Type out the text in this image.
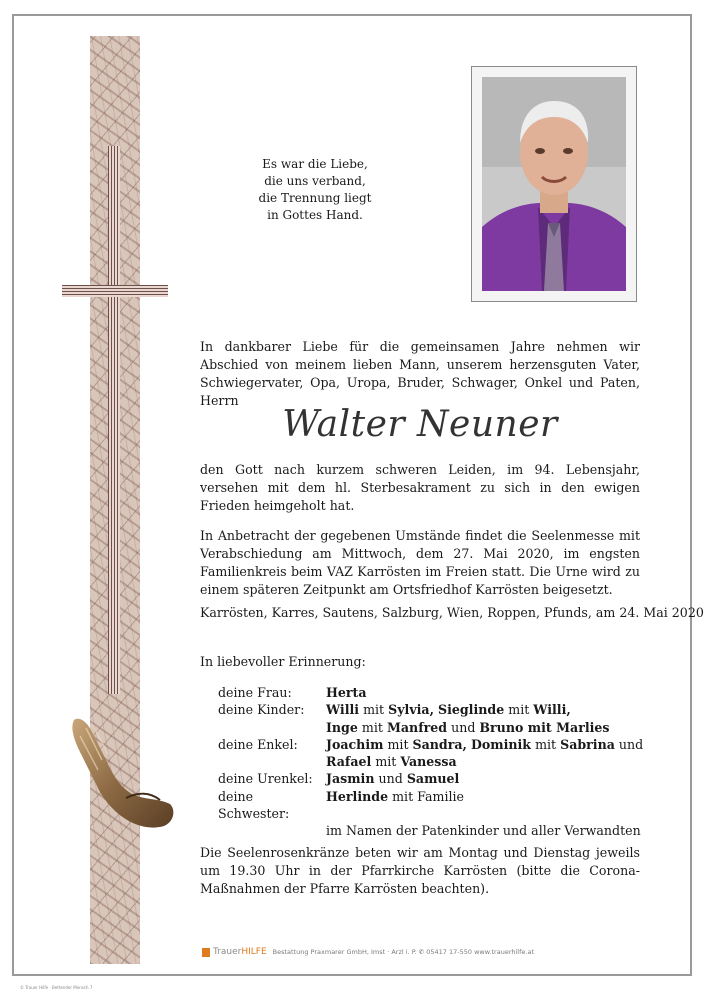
Es war die Liebe,
die uns verband,
die Trennung liegt
in Gottes Hand.
In dankbarer Liebe für die gemeinsamen Jahre nehmen wir Abschied von meinem lieben Mann, unserem herzensguten Vater, Schwiegervater, Opa, Uropa, Bruder, Schwager, Onkel und Paten, Herrn
Walter Neuner
den Gott nach kurzem schweren Leiden, im 94. Lebensjahr, versehen mit dem hl. Sterbesakrament zu sich in den ewigen Frieden heimgeholt hat.
In Anbetracht der gegebenen Umstände findet die Seelenmesse mit Verabschiedung am Mittwoch, dem 27. Mai 2020, im engsten Familienkreis beim VAZ Karrösten im Freien statt. Die Urne wird zu einem späteren Zeitpunkt am Ortsfriedhof Karrösten beigesetzt.
Karrösten, Karres, Sautens, Salzburg, Wien, Roppen, Pfunds, am 24. Mai 2020
In liebevoller Erinnerung:
deine Frau:	Herta
deine Kinder:	Willi mit Sylvia, Sieglinde mit Willi,
Inge mit Manfred und Bruno mit Marlies
deine Enkel:	Joachim mit Sandra, Dominik mit Sabrina und
Rafael mit Vanessa
deine Urenkel:	Jasmin und Samuel
deine Schwester:
Herlinde mit Familie
im Namen der Patenkinder und aller Verwandten
Die Seelenrosenkränze beten wir am Montag und Dienstag jeweils um 19.30 Uhr in der Pfarrkirche Karrösten (bitte die Corona-Maßnahmen der Pfarre Karrösten beachten).
TrauerHILFE Bestattung Praxmarer GmbH, Imst · Arzl i. P. ✆ 05417 17-550 www.trauerhilfe.at
© Trauer Hilfe · Bettender Mensch 7
